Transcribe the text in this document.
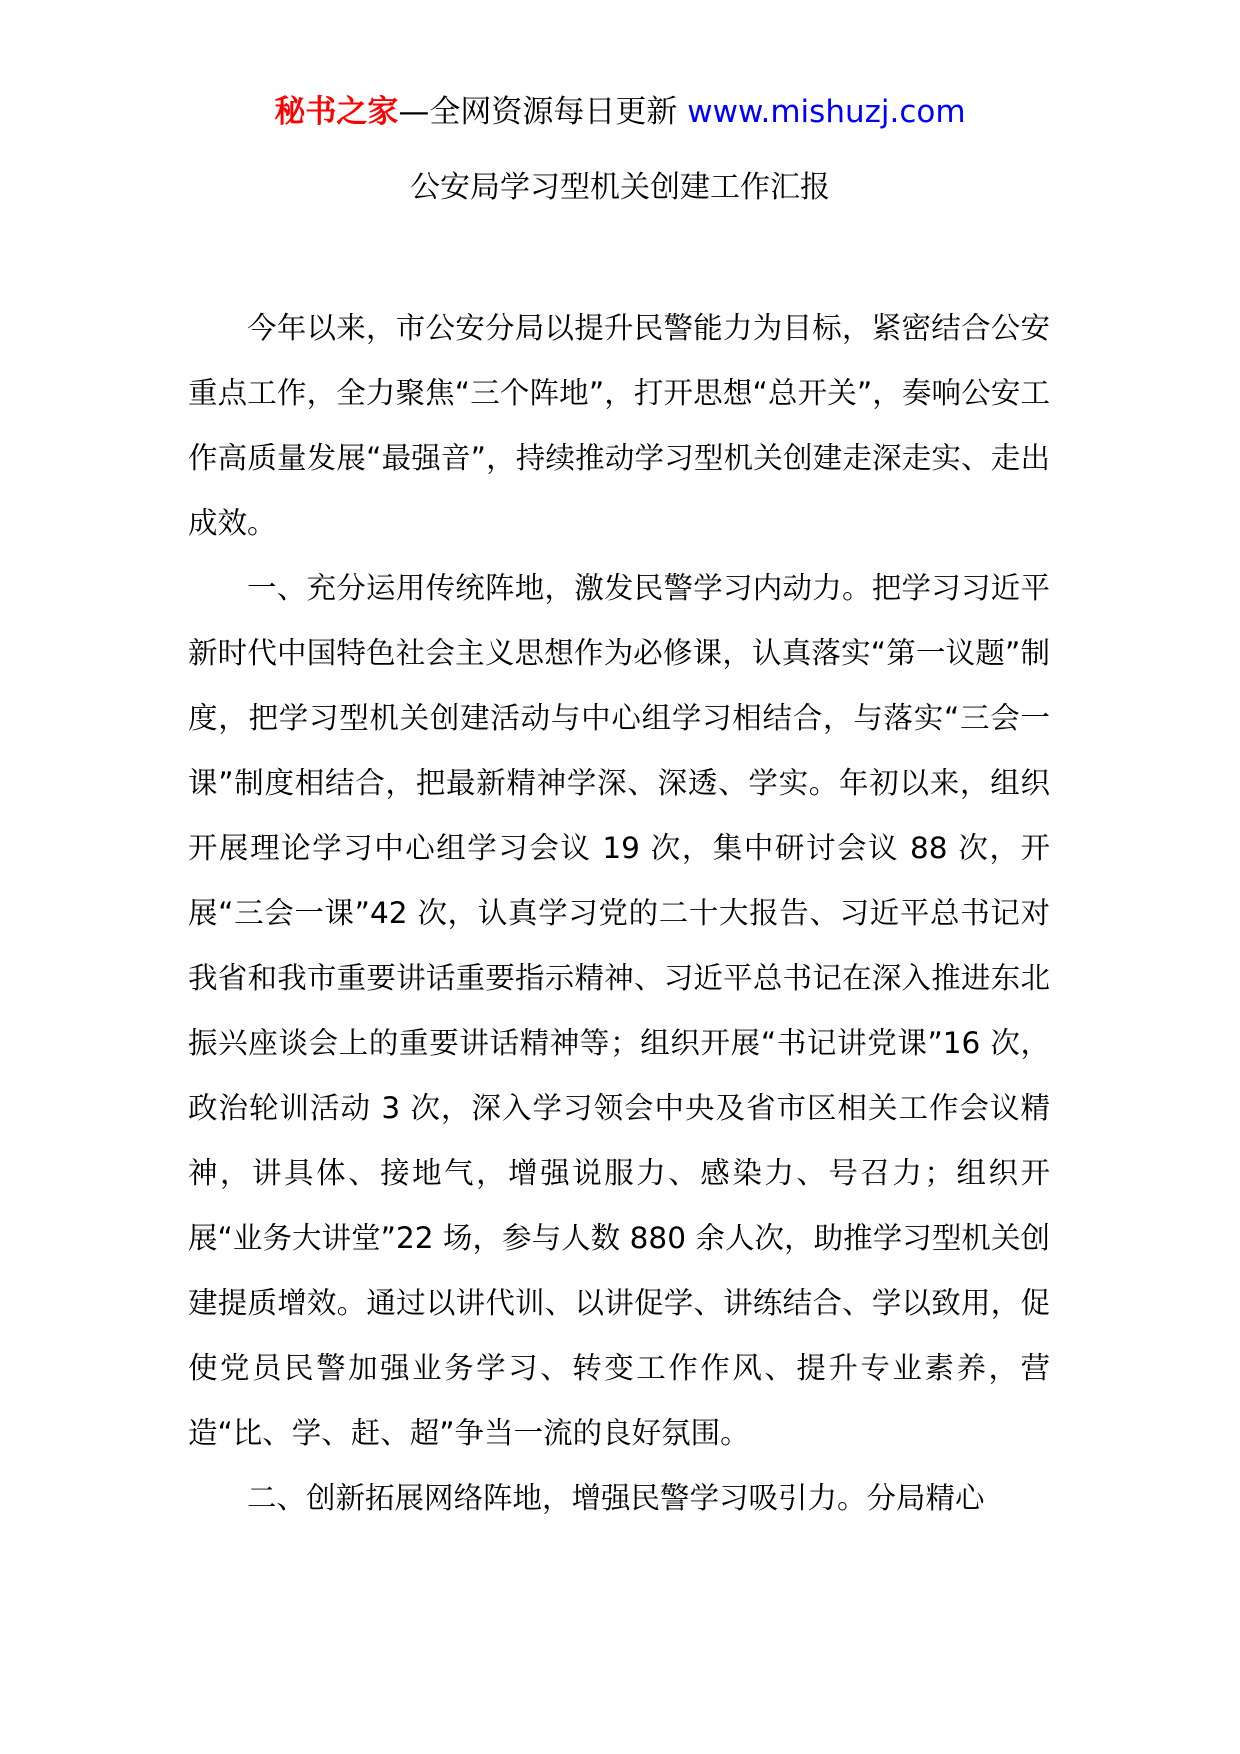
秘书之家—全网资源每日更新 www.mishuzj.com
公安局学习型机关创建工作汇报

今年以来，市公安分局以提升民警能力为目标，紧密结合公安重点工作，全力聚焦“三个阵地”，打开思想“总开关”，奏响公安工作高质量发展“最强音”，持续推动学习型机关创建走深走实、走出成效。

一、充分运用传统阵地，激发民警学习内动力。把学习习近平新时代中国特色社会主义思想作为必修课，认真落实“第一议题”制度，把学习型机关创建活动与中心组学习相结合，与落实“三会一课”制度相结合，把最新精神学深、深透、学实。年初以来，组织开展理论学习中心组学习会议 19 次，集中研讨会议 88 次，开展“三会一课”42 次，认真学习党的二十大报告、习近平总书记对我省和我市重要讲话重要指示精神、习近平总书记在深入推进东北振兴座谈会上的重要讲话精神等；组织开展“书记讲党课”16 次，政治轮训活动 3 次，深入学习领会中央及省市区相关工作会议精神，讲具体、接地气，增强说服力、感染力、号召力；组织开展“业务大讲堂”22 场，参与人数 880 余人次，助推学习型机关创建提质增效。通过以讲代训、以讲促学、讲练结合、学以致用，促使党员民警加强业务学习、转变工作作风、提升专业素养，营造“比、学、赶、超”争当一流的良好氛围。

二、创新拓展网络阵地，增强民警学习吸引力。分局精心
